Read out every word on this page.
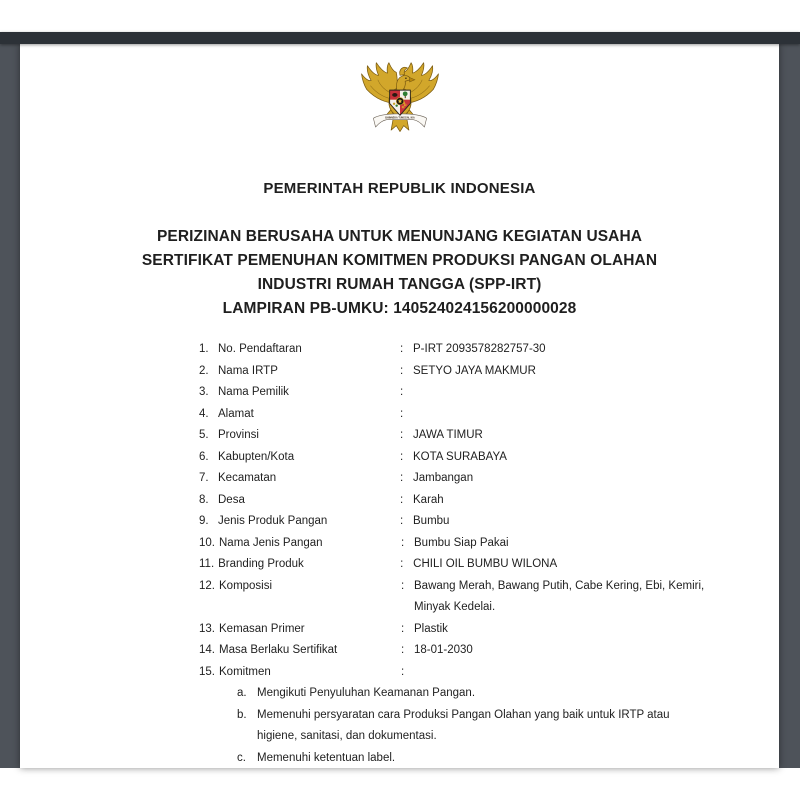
BHINNEKA TUNGGAL IKA
PEMERINTAH REPUBLIK INDONESIA
PERIZINAN BERUSAHA UNTUK MENUNJANG KEGIATAN USAHA
SERTIFIKAT PEMENUHAN KOMITMEN PRODUKSI PANGAN OLAHAN
INDUSTRI RUMAH TANGGA (SPP-IRT)
LAMPIRAN PB-UMKU: 140524024156200000028
1. No. Pendaftaran	: P-IRT 2093578282757-30
2. Nama IRTP	: SETYO JAYA MAKMUR
3. Nama Pemilik	:
4. Alamat	:
5. Provinsi	: JAWA TIMUR
6. Kabupten/Kota	: KOTA SURABAYA
7. Kecamatan	: Jambangan
8. Desa	: Karah
9. Jenis Produk Pangan	: Bumbu
10. Nama Jenis Pangan	: Bumbu Siap Pakai
11. Branding Produk	: CHILI OIL BUMBU WILONA
12. Komposisi	: Bawang Merah, Bawang Putih, Cabe Kering, Ebi, Kemiri,
Minyak Kedelai.
13. Kemasan Primer	: Plastik
14. Masa Berlaku Sertifikat	: 18-01-2030
15. Komitmen	:
a. Mengikuti Penyuluhan Keamanan Pangan.
b. Memenuhi persyaratan cara Produksi Pangan Olahan yang baik untuk IRTP atau
higiene, sanitasi, dan dokumentasi.
c. Memenuhi ketentuan label.
